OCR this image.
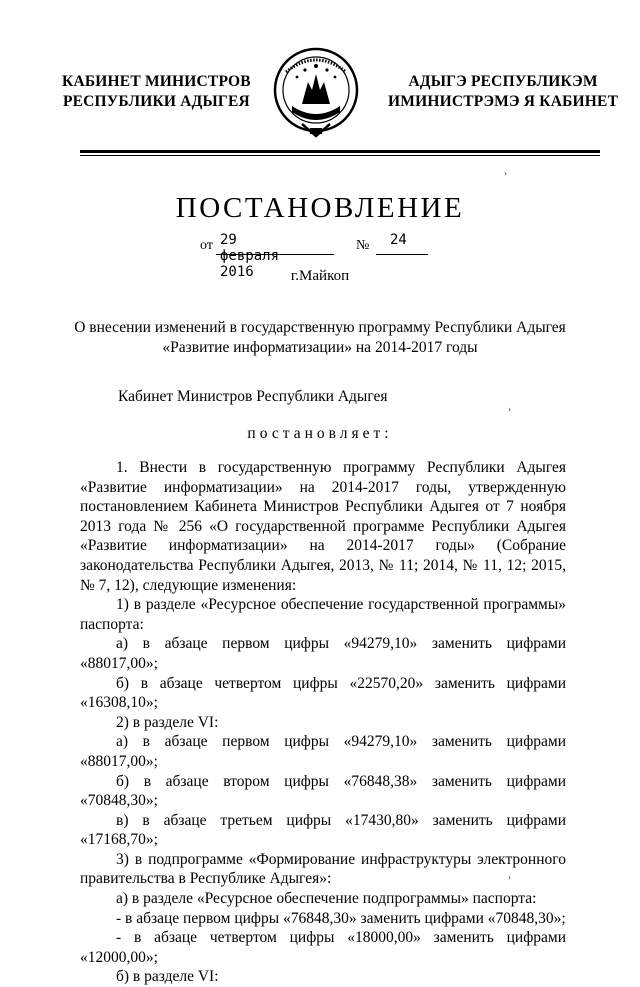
КАБИНЕТ МИНИСТРОВ
РЕСПУБЛИКИ АДЫГЕЯ
АДЫГЭ РЕСПУБЛИКЭМ
ИМИНИСТРЭМЭ Я КАБИНЕТ
ПОСТАНОВЛЕНИЕ
от 29 февраля 2016
№ 24
г.Майкоп
О внесении изменений в государственную программу Республики Адыгея
«Развитие информатизации» на 2014-2017 годы
Кабинет Министров Республики Адыгея
постановляет:

1. Внести в государственную программу Республики Адыгея «Развитие информатизации» на 2014-2017 годы, утвержденную постановлением Кабинета Министров Республики Адыгея от 7 ноября 2013 года № 256 «О государственной программе Республики Адыгея «Развитие информатизации» на 2014-2017 годы» (Собрание законодательства Республики Адыгея, 2013, № 11; 2014, № 11, 12; 2015, № 7, 12), следующие изменения:

1) в разделе «Ресурсное обеспечение государственной программы» паспорта:

а) в абзаце первом цифры «94279,10» заменить цифрами «88017,00»;

б) в абзаце четвертом цифры «22570,20» заменить цифрами «16308,10»;

2) в разделе VI:

а) в абзаце первом цифры «94279,10» заменить цифрами «88017,00»;

б) в абзаце втором цифры «76848,38» заменить цифрами «70848,30»;

в) в абзаце третьем цифры «17430,80» заменить цифрами «17168,70»;

3) в подпрограмме «Формирование инфраструктуры электронного правительства в Республике Адыгея»:

а) в разделе «Ресурсное обеспечение подпрограммы» паспорта:

- в абзаце первом цифры «76848,30» заменить цифрами «70848,30»;

- в абзаце четвертом цифры «18000,00» заменить цифрами «12000,00»;

б) в разделе VI:

›
›
›
